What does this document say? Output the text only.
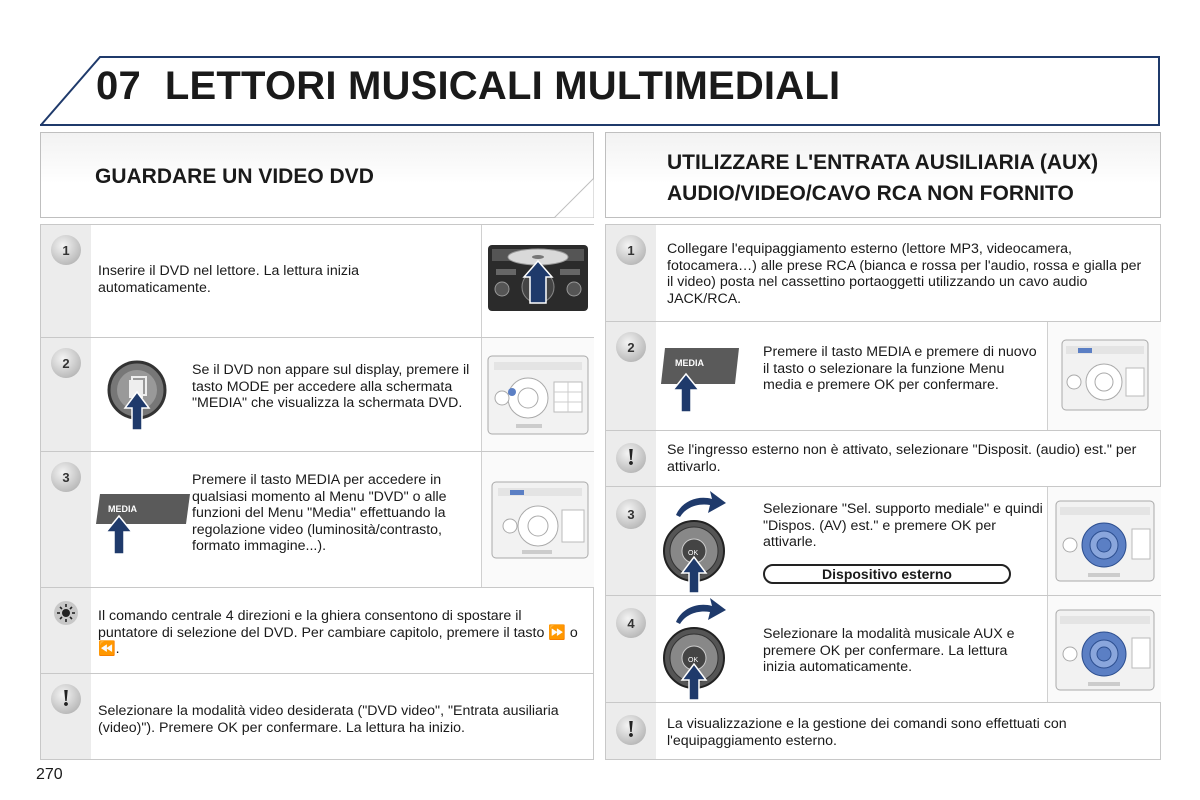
07 LETTORI MUSICALI MULTIMEDIALI
GUARDARE UN VIDEO DVD
1
Inserire il DVD nel lettore. La lettura inizia automaticamente.
2	Se il DVD non appare sul display, premere il tasto MODE per accedere alla schermata "MEDIA" che visualizza la schermata DVD.
3
MEDIA
Premere il tasto MEDIA per accedere in qualsiasi momento al Menu "DVD" o alle funzioni del Menu "Media" effettuando la regolazione video (luminosità/contrasto, formato immagine...).
Il comando centrale 4 direzioni e la ghiera consentono di spostare il puntatore di selezione del DVD. Per cambiare capitolo, premere il tasto ⏩ o ⏪.
!	Selezionare la modalità video desiderata ("DVD video", "Entrata ausiliaria (video)"). Premere OK per confermare. La lettura ha inizio.
UTILIZZARE L'ENTRATA AUSILIARIA (AUX)
AUDIO/VIDEO/CAVO RCA NON FORNITO
1	Collegare l'equipaggiamento esterno (lettore MP3, videocamera, fotocamera…) alle prese RCA (bianca e rossa per l'audio, rossa e gialla per il video) posta nel cassettino portaoggetti utilizzando un cavo audio JACK/RCA.
2
MEDIA
Premere il tasto MEDIA e premere di nuovo il tasto o selezionare la funzione Menu media e premere OK per confermare.
!	Se l'ingresso esterno non è attivato, selezionare "Disposit. (audio) est." per attivarlo.
3
OK
Selezionare "Sel. supporto mediale" e quindi "Dispos. (AV) est." e premere OK per attivarle.
Dispositivo esterno
4
OK
Selezionare la modalità musicale AUX e premere OK per confermare. La lettura inizia automaticamente.
!	La visualizzazione e la gestione dei comandi sono effettuati con l'equipaggiamento esterno.
270
